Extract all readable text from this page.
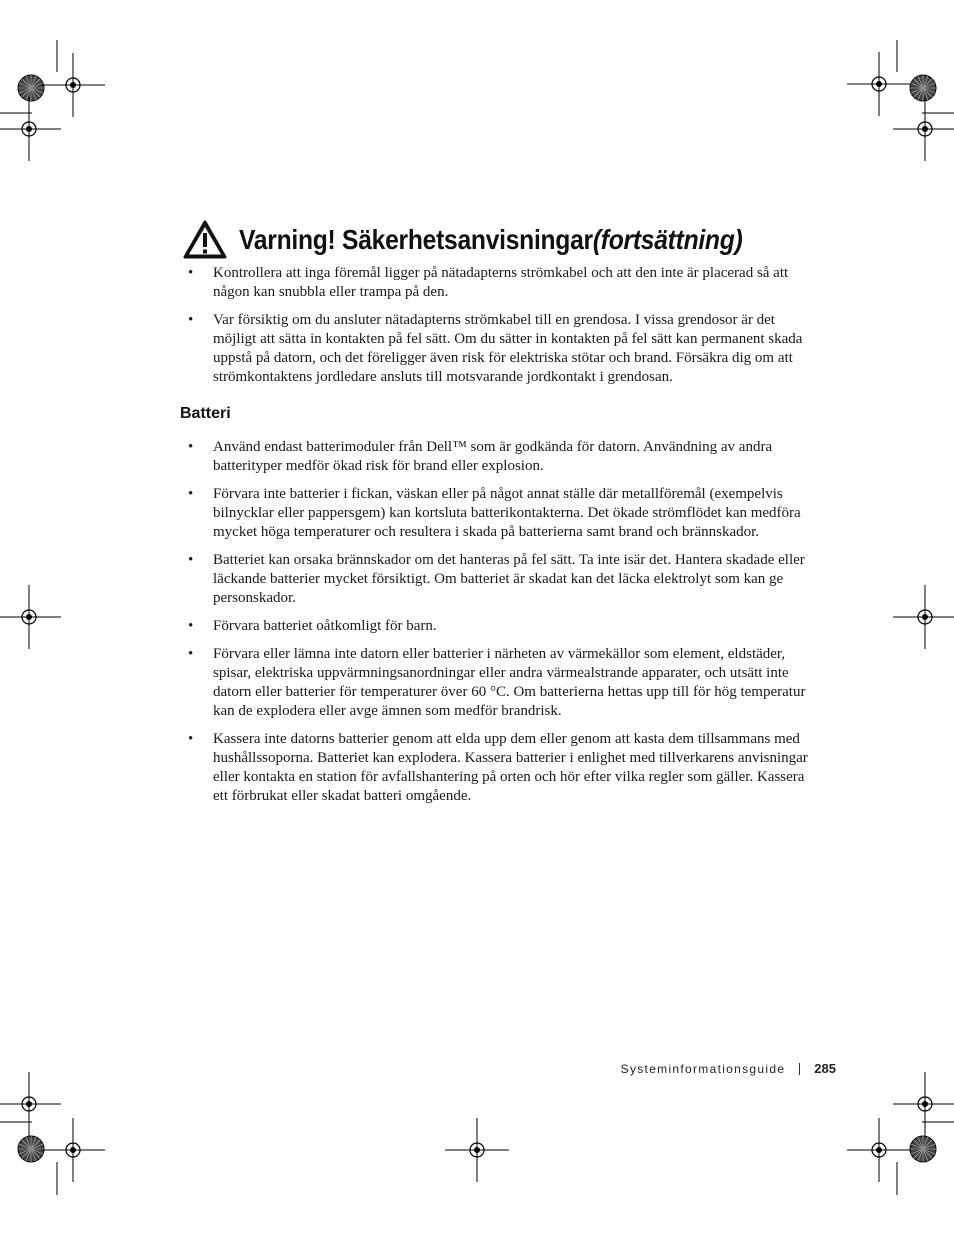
Varning! Säkerhetsanvisningar(fortsättning)
• Kontrollera att inga föremål ligger på nätadapterns strömkabel och att den inte är placerad så att någon kan snubbla eller trampa på den.
• Var försiktig om du ansluter nätadapterns strömkabel till en grendosa. I vissa grendosor är det möjligt att sätta in kontakten på fel sätt. Om du sätter in kontakten på fel sätt kan permanent skada uppstå på datorn, och det föreligger även risk för elektriska stötar och brand. Försäkra dig om att strömkontaktens jordledare ansluts till motsvarande jordkontakt i grendosan.
Batteri
• Använd endast batterimoduler från Dell™ som är godkända för datorn. Användning av andra batterityper medför ökad risk för brand eller explosion.
• Förvara inte batterier i fickan, väskan eller på något annat ställe där metallföremål (exempelvis bilnycklar eller pappersgem) kan kortsluta batterikontakterna. Det ökade strömflödet kan medföra mycket höga temperaturer och resultera i skada på batterierna samt brand och brännskador.
• Batteriet kan orsaka brännskador om det hanteras på fel sätt. Ta inte isär det. Hantera skadade eller läckande batterier mycket försiktigt. Om batteriet är skadat kan det läcka elektrolyt som kan ge personskador.
• Förvara batteriet oåtkomligt för barn.
• Förvara eller lämna inte datorn eller batterier i närheten av värmekällor som element, eldstäder, spisar, elektriska uppvärmningsanordningar eller andra värmealstrande apparater, och utsätt inte datorn eller batterier för temperaturer över 60 °C. Om batterierna hettas upp till för hög temperatur kan de explodera eller avge ämnen som medför brandrisk.
• Kassera inte datorns batterier genom att elda upp dem eller genom att kasta dem tillsammans med hushållssoporna. Batteriet kan explodera. Kassera batterier i enlighet med tillverkarens anvisningar eller kontakta en station för avfallshantering på orten och hör efter vilka regler som gäller. Kassera ett förbrukat eller skadat batteri omgående.
Systeminformationsguide 285
